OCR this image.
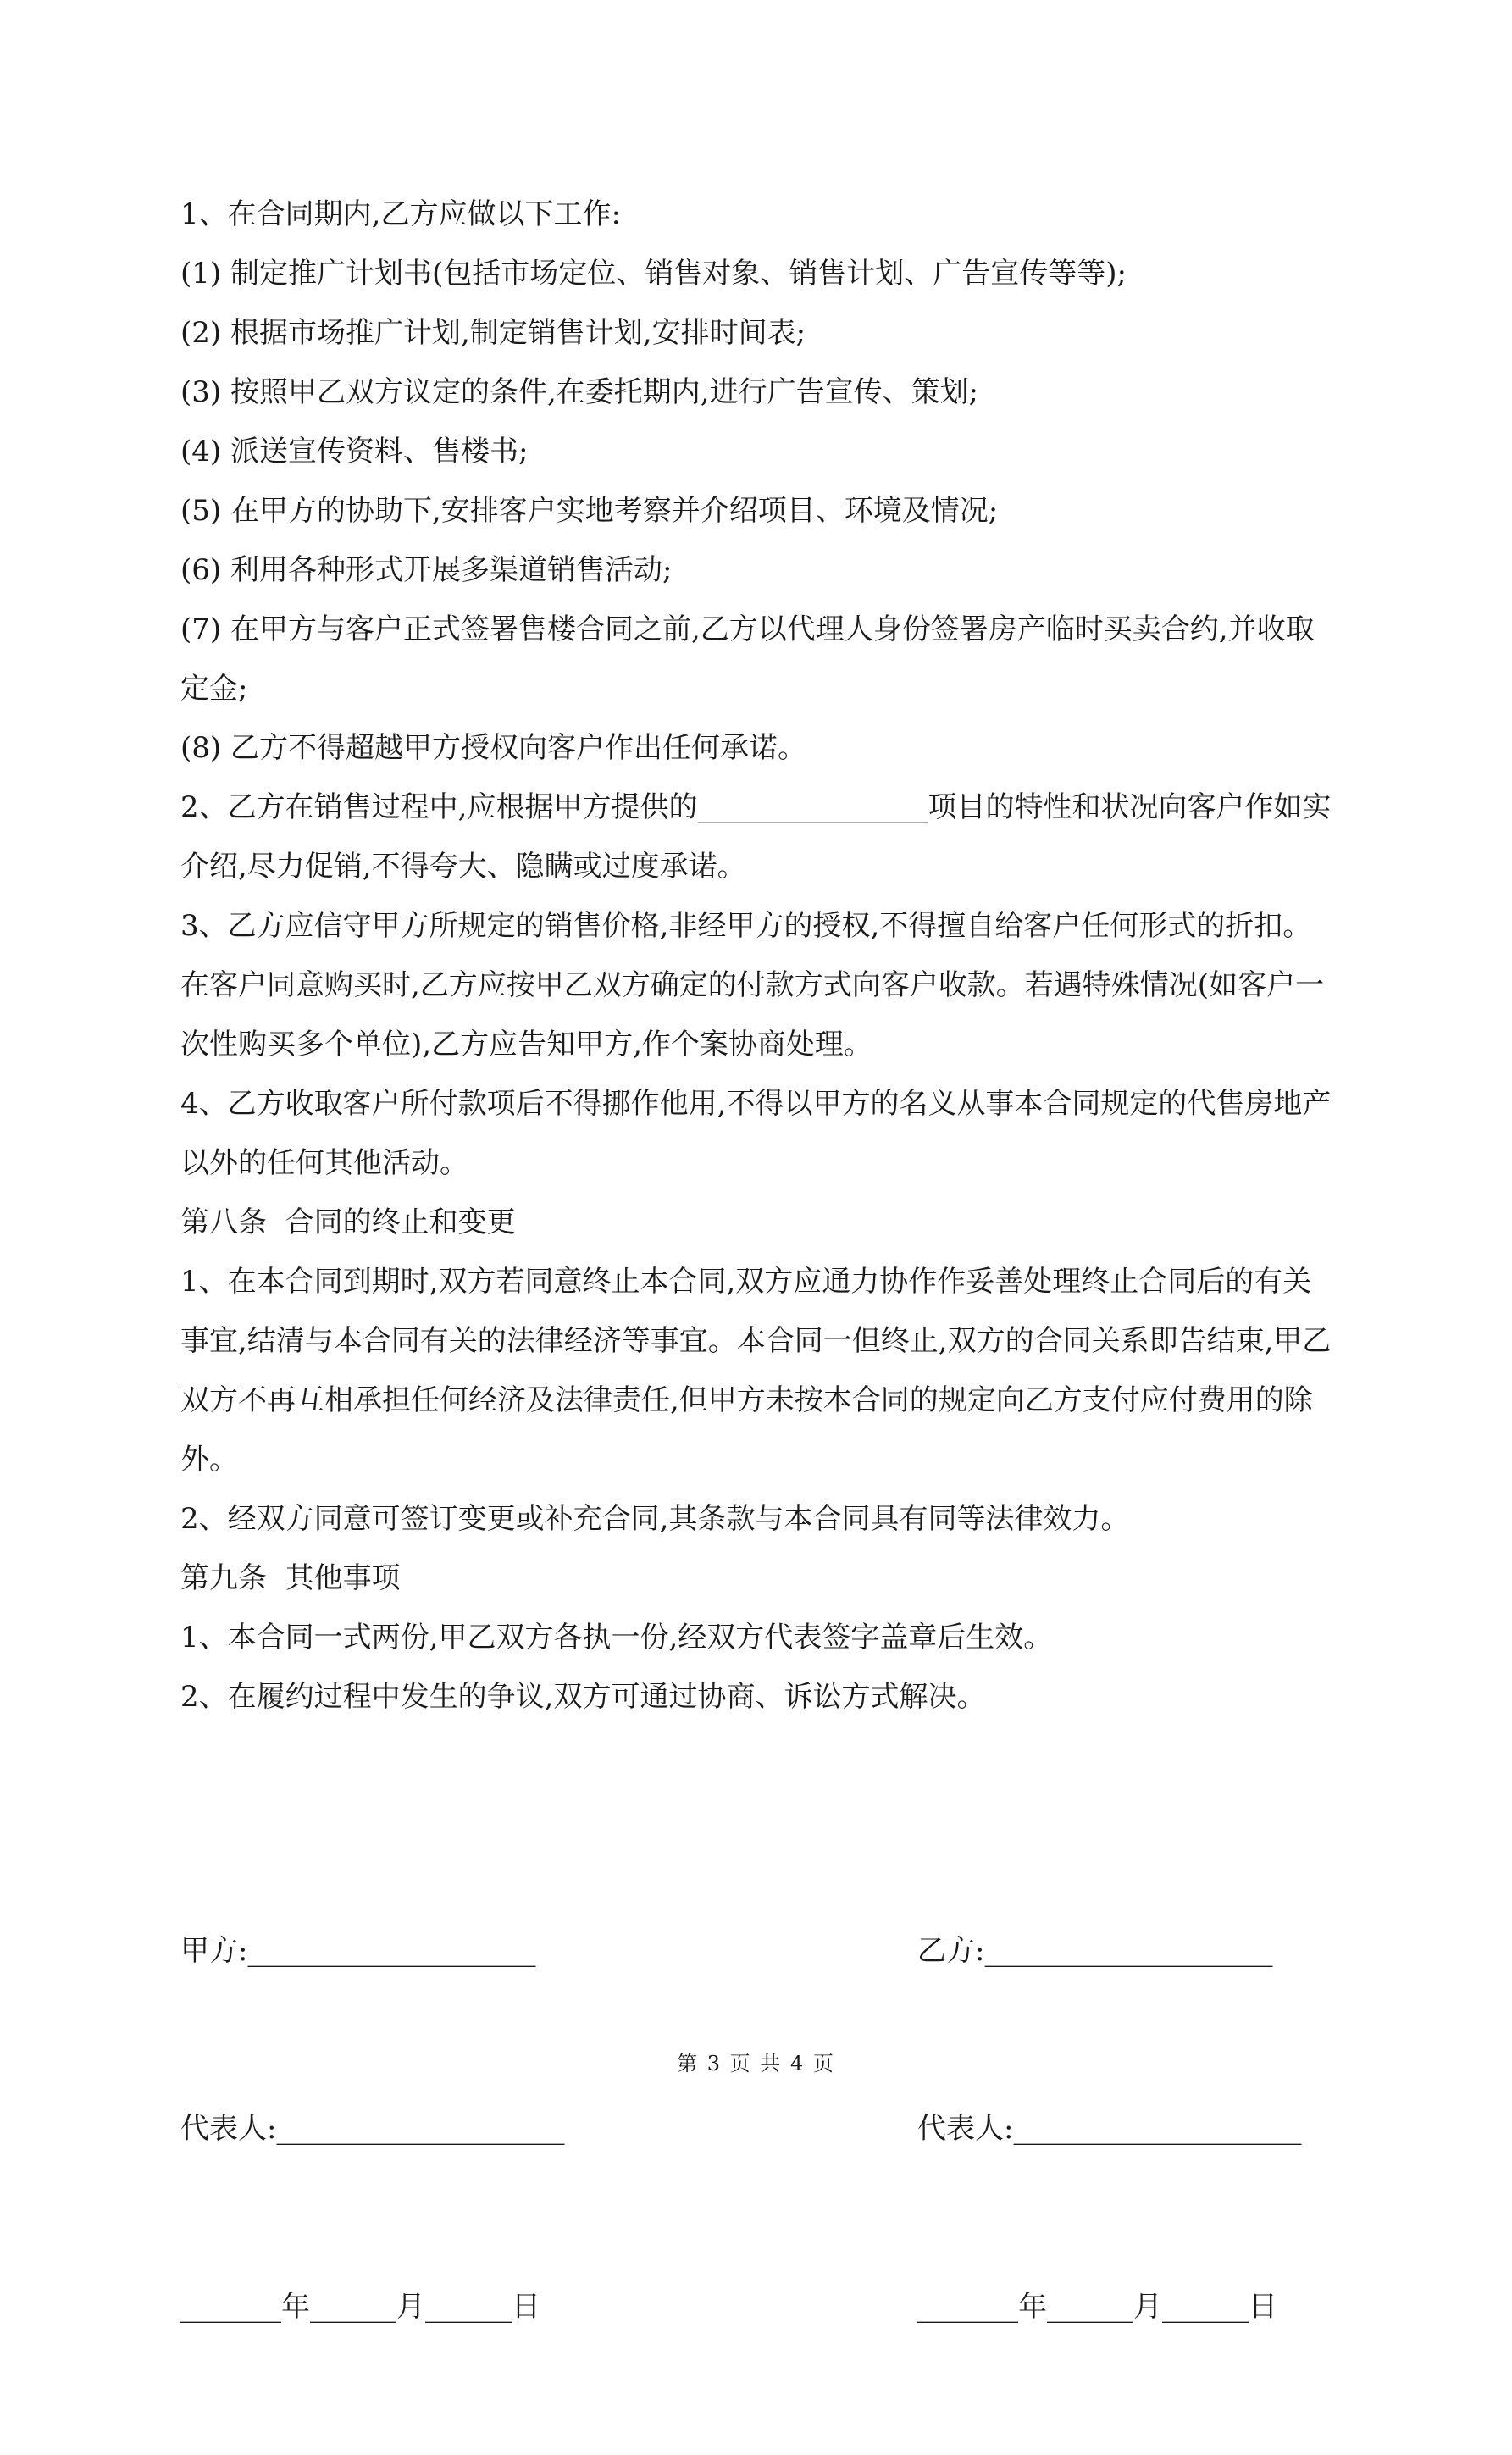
1、在合同期内,乙方应做以下工作:

(1) 制定推广计划书(包括市场定位、销售对象、销售计划、广告宣传等等);

(2) 根据市场推广计划,制定销售计划,安排时间表;

(3) 按照甲乙双方议定的条件,在委托期内,进行广告宣传、策划;

(4) 派送宣传资料、售楼书;

(5) 在甲方的协助下,安排客户实地考察并介绍项目、环境及情况;

(6) 利用各种形式开展多渠道销售活动;

(7) 在甲方与客户正式签署售楼合同之前,乙方以代理人身份签署房产临时买卖合约,并收取定金;

(8) 乙方不得超越甲方授权向客户作出任何承诺。

2、乙方在销售过程中,应根据甲方提供的________________项目的特性和状况向客户作如实介绍,尽力促销,不得夸大、隐瞒或过度承诺。

3、乙方应信守甲方所规定的销售价格,非经甲方的授权,不得擅自给客户任何形式的折扣。在客户同意购买时,乙方应按甲乙双方确定的付款方式向客户收款。若遇特殊情况(如客户一次性购买多个单位),乙方应告知甲方,作个案协商处理。

4、乙方收取客户所付款项后不得挪作他用,不得以甲方的名义从事本合同规定的代售房地产以外的任何其他活动。

第八条  合同的终止和变更

1、在本合同到期时,双方若同意终止本合同,双方应通力协作作妥善处理终止合同后的有关事宜,结清与本合同有关的法律经济等事宜。本合同一但终止,双方的合同关系即告结束,甲乙双方不再互相承担任何经济及法律责任,但甲方未按本合同的规定向乙方支付应付费用的除外。

2、经双方同意可签订变更或补充合同,其条款与本合同具有同等法律效力。

第九条  其他事项

1、本合同一式两份,甲乙双方各执一份,经双方代表签字盖章后生效。

2、在履约过程中发生的争议,双方可通过协商、诉讼方式解决。

甲方:____________________

代表人:____________________

_______年______月______日

乙方:____________________

代表人:____________________

_______年______月______日

第 3 页 共 4 页
